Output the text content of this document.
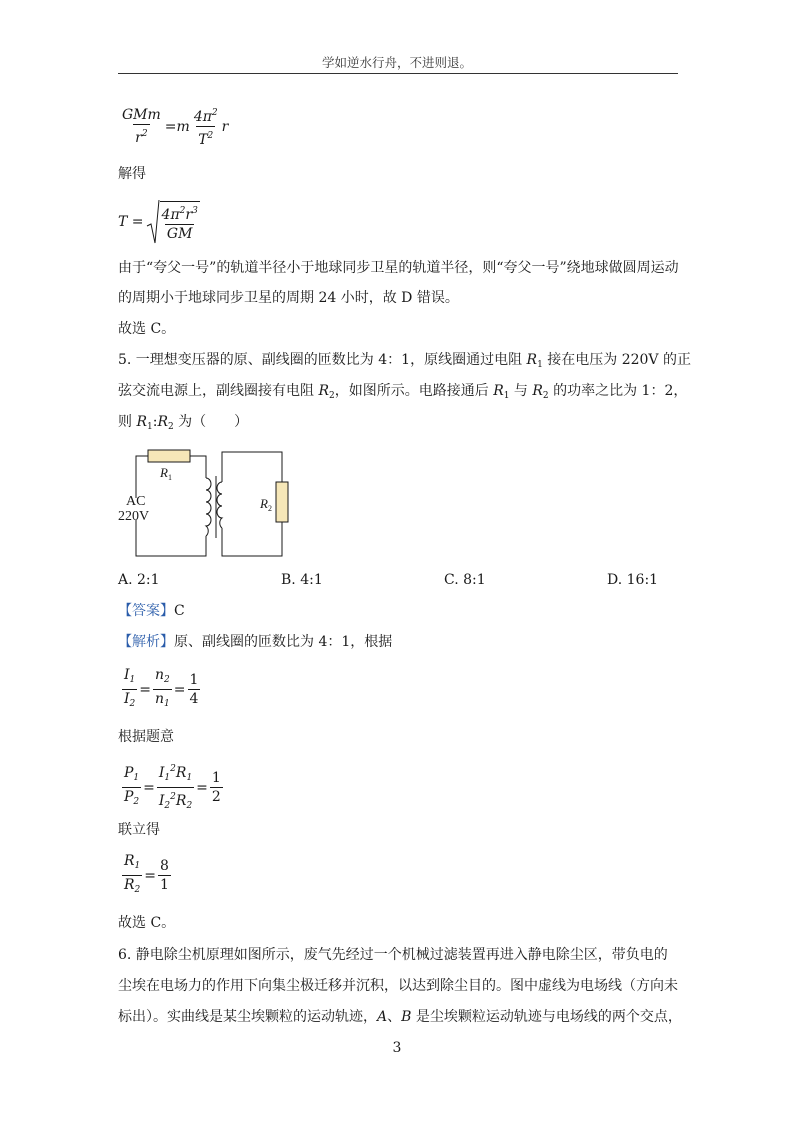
学如逆水行舟，不进则退。
$\frac{\text{GMm}}{r^2} = m \frac{4\pi^2}{T^2}$ r
解得
$T = \frac{4\pi^2r^3}{GM}$
由于“夸父一号”的轨道半径小于地球同步卫星的轨道半径，则“夸父一号”绕地球做圆周运动
的周期小于地球同步卫星的周期 24 小时，故 D 错误。
故选 C。
5. 一理想变压器的原、副线圈的匝数比为 4：1，原线圈通过电阻 $R_1$ 接在电压为 220V 的正
弦交流电源上，副线圈接有电阻 $R_2$，如图所示。电路接通后 $R_1$ 与 $R_2$ 的功率之比为 1：2，
则 $R_1:R_2$ 为（　　）
$R_1$
AC
220V
$R_2$
A. 2:1	B. 4:1	C. 8:1	D. 16:1
【答案】C
【解析】原、副线圈的匝数比为 4：1，根据
$\frac{I_1}{I_2} = \frac{n_2}{n_1} = \frac{1}{4}$
根据题意
$\frac{P_1}{P_2} = \frac{I_1^2R_1}{I_2^2R_2} = \frac{1}{2}$
联立得
$\frac{R_1}{R_2} = \frac{8}{1}$
故选 C。
6. 静电除尘机原理如图所示，废气先经过一个机械过滤装置再进入静电除尘区，带负电的
尘埃在电场力的作用下向集尘极迁移并沉积，以达到除尘目的。图中虚线为电场线（方向未
标出）。实曲线是某尘埃颗粒的运动轨迹，A、B 是尘埃颗粒运动轨迹与电场线的两个交点，
3
